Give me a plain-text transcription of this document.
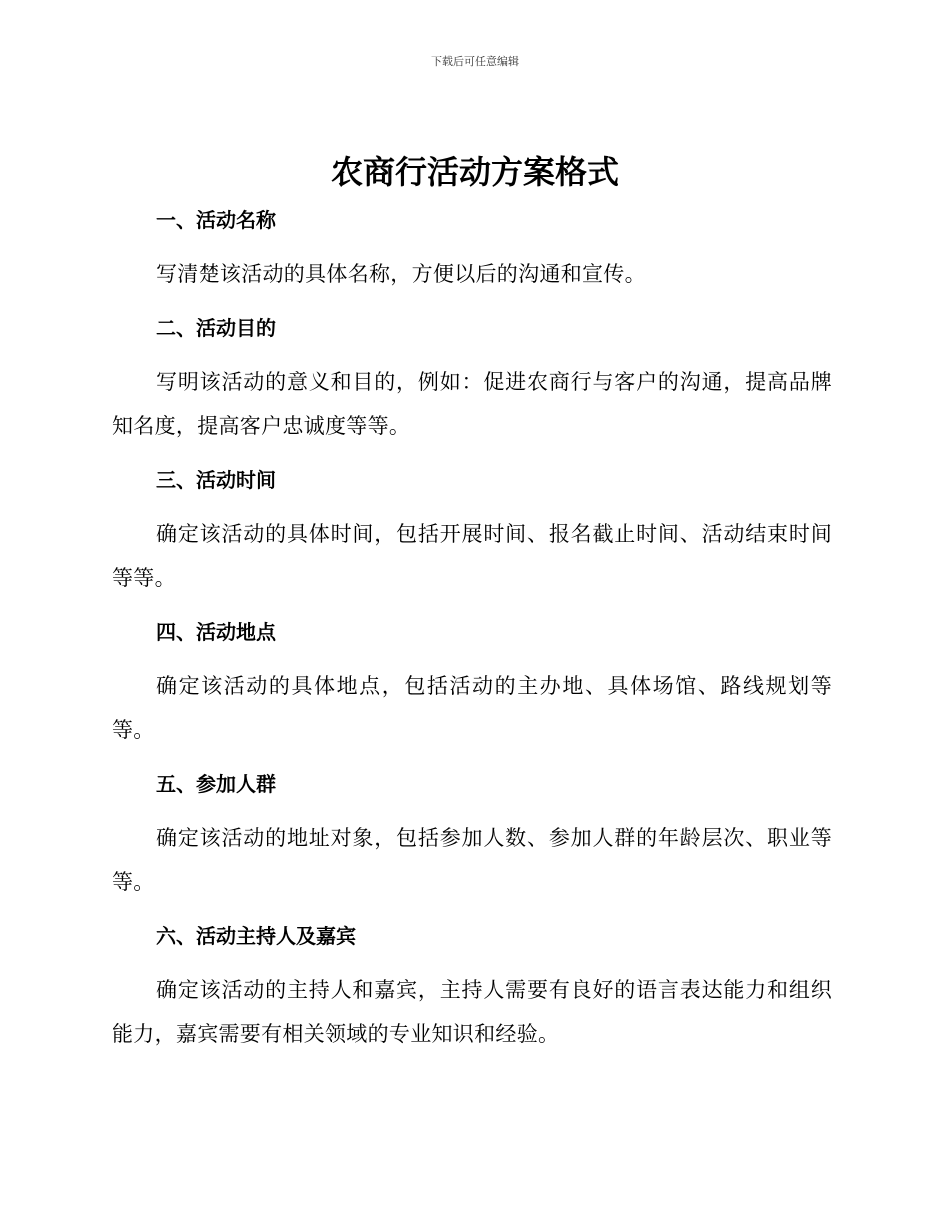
下载后可任意编辑
农商行活动方案格式
一、活动名称

写清楚该活动的具体名称，方便以后的沟通和宣传。

二、活动目的

写明该活动的意义和目的，例如：促进农商行与客户的沟通，提高品牌知名度，提高客户忠诚度等等。

三、活动时间

确定该活动的具体时间，包括开展时间、报名截止时间、活动结束时间等等。

四、活动地点

确定该活动的具体地点，包括活动的主办地、具体场馆、路线规划等等。

五、参加人群

确定该活动的地址对象，包括参加人数、参加人群的年龄层次、职业等等。

六、活动主持人及嘉宾

确定该活动的主持人和嘉宾，主持人需要有良好的语言表达能力和组织能力，嘉宾需要有相关领域的专业知识和经验。
